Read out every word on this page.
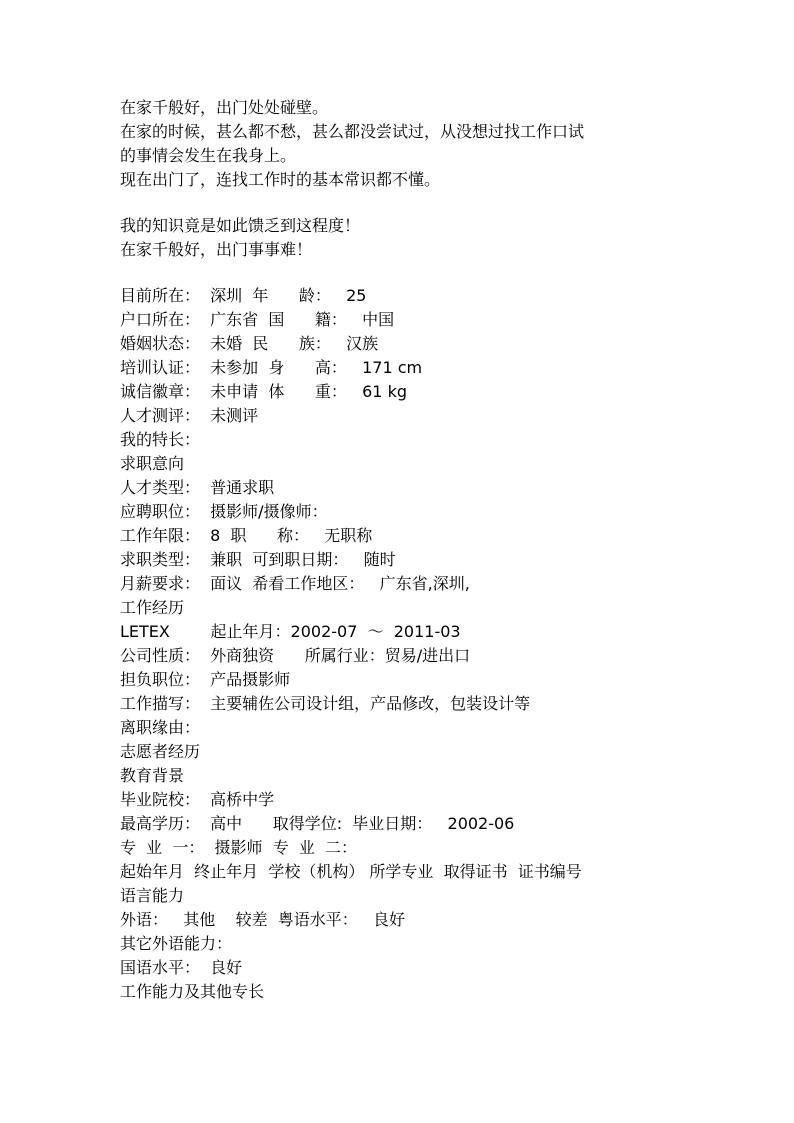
在家千般好，出门处处碰壁。
在家的时候，甚么都不愁，甚么都没尝试过，从没想过找工作口试
的事情会发生在我身上。
现在出门了，连找工作时的基本常识都不懂。
我的知识竟是如此馈乏到这程度！
在家千般好，出门事事难！
目前所在：  深圳  年      龄：   25
户口所在：  广东省  国      籍：   中国
婚姻状态：  未婚  民      族：   汉族
培训认证：  未参加  身      高：   171 cm
诚信徽章：  未申请  体      重：   61 kg
人才测评：  未测评
我的特长：
求职意向
人才类型：  普通求职
应聘职位：  摄影师/摄像师：
工作年限：  8  职      称：   无职称
求职类型：  兼职  可到职日期：   随时
月薪要求：  面议  希看工作地区：   广东省,深圳,
工作经历
LETEX        起止年月：2002-07  ～  2011-03
公司性质：  外商独资      所属行业：贸易/进出口
担负职位：  产品摄影师
工作描写：  主要辅佐公司设计组，产品修改，包装设计等
离职缘由：
志愿者经历
教育背景
毕业院校：  高桥中学
最高学历：  高中      取得学位:  毕业日期：   2002-06
专  业  一：  摄影师  专  业  二：
起始年月  终止年月  学校（机构） 所学专业  取得证书  证书编号
语言能力
外语：   其他    较差  粤语水平：   良好
其它外语能力：
国语水平：  良好
工作能力及其他专长
